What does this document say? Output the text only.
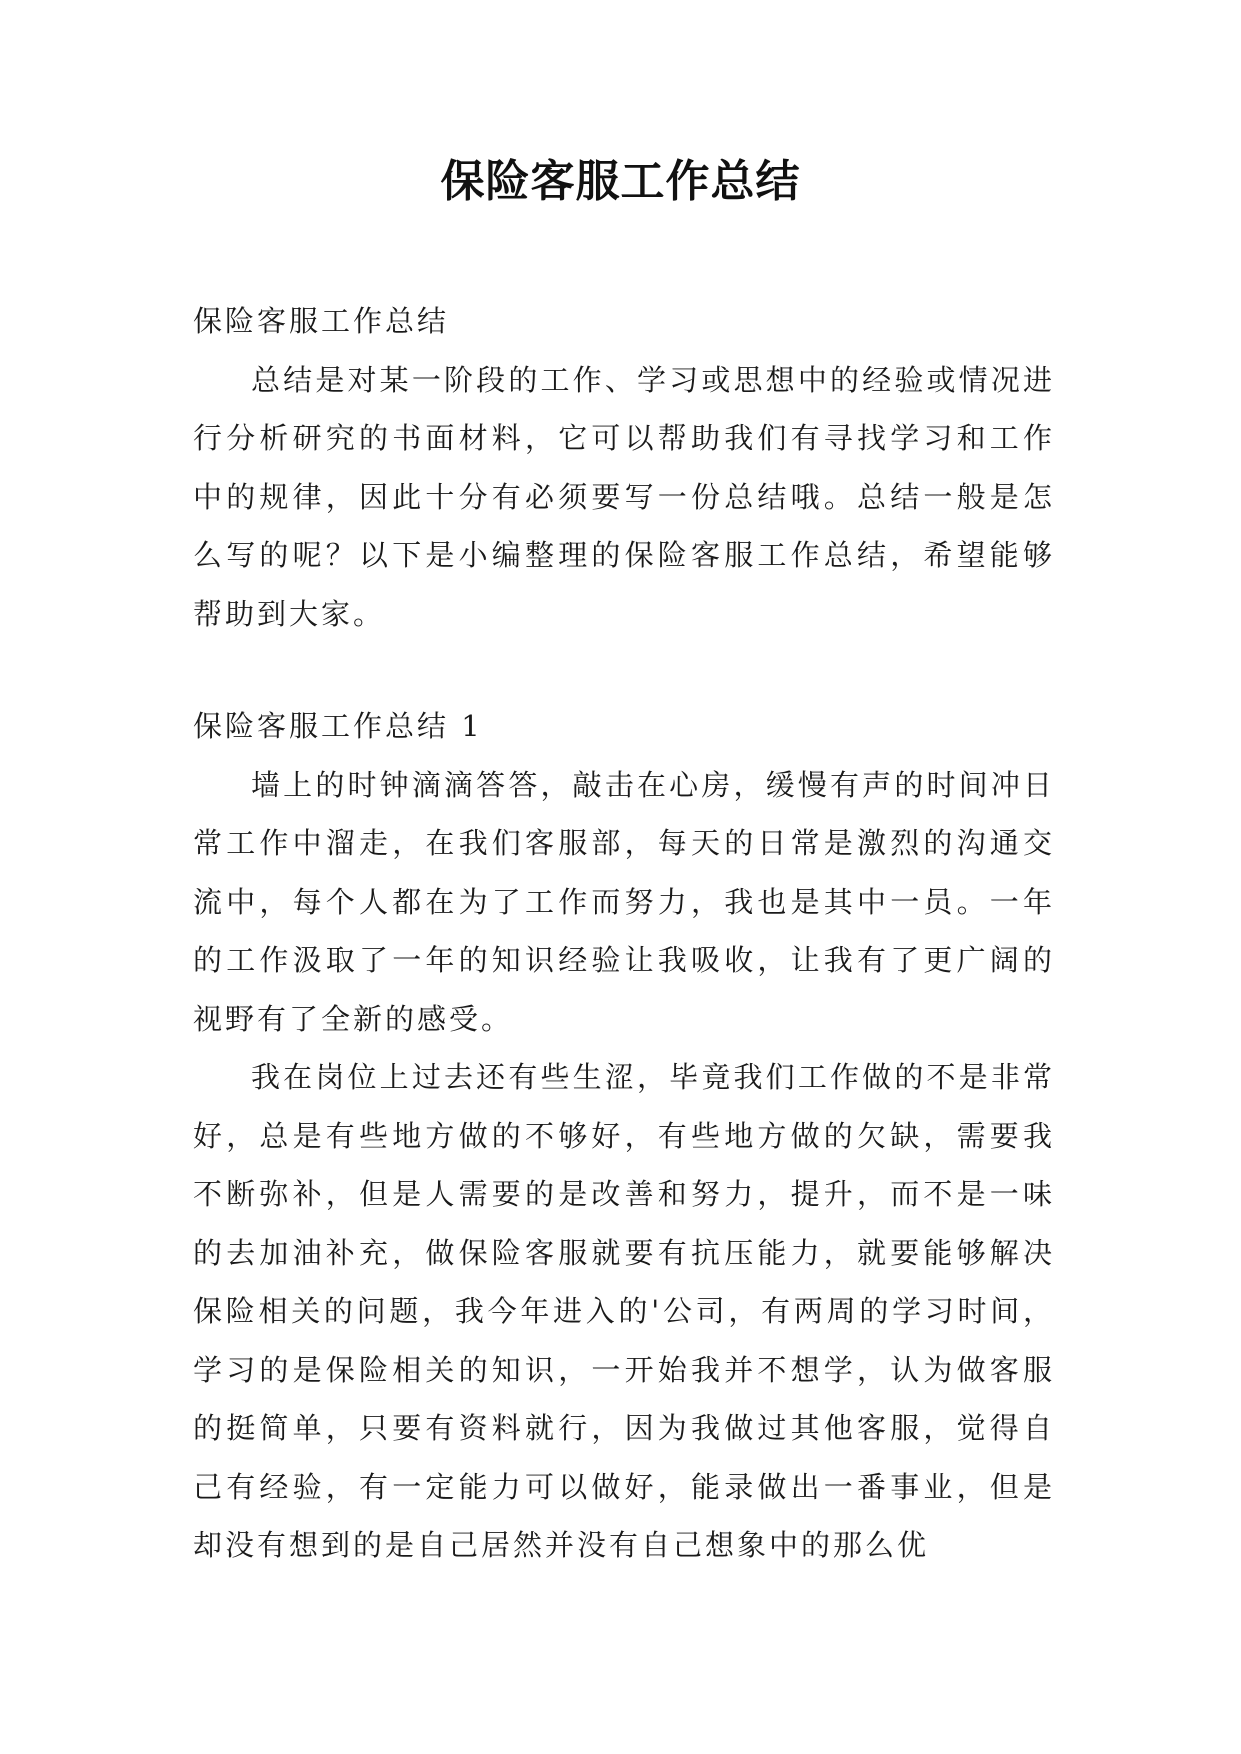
保险客服工作总结

保险客服工作总结

总结是对某一阶段的工作、学习或思想中的经验或情况进行分析研究的书面材料，它可以帮助我们有寻找学习和工作中的规律，因此十分有必须要写一份总结哦。总结一般是怎么写的呢？以下是小编整理的保险客服工作总结，希望能够帮助到大家。

保险客服工作总结 1

墙上的时钟滴滴答答，敲击在心房，缓慢有声的时间冲日常工作中溜走，在我们客服部，每天的日常是激烈的沟通交流中，每个人都在为了工作而努力，我也是其中一员。一年的工作汲取了一年的知识经验让我吸收，让我有了更广阔的视野有了全新的感受。

我在岗位上过去还有些生涩，毕竟我们工作做的不是非常好，总是有些地方做的不够好，有些地方做的欠缺，需要我不断弥补，但是人需要的是改善和努力，提升，而不是一味的去加油补充，做保险客服就要有抗压能力，就要能够解决保险相关的问题，我今年进入的'公司，有两周的学习时间，学习的是保险相关的知识，一开始我并不想学，认为做客服的挺简单，只要有资料就行，因为我做过其他客服，觉得自己有经验，有一定能力可以做好，能录做出一番事业，但是却没有想到的是自己居然并没有自己想象中的那么优
